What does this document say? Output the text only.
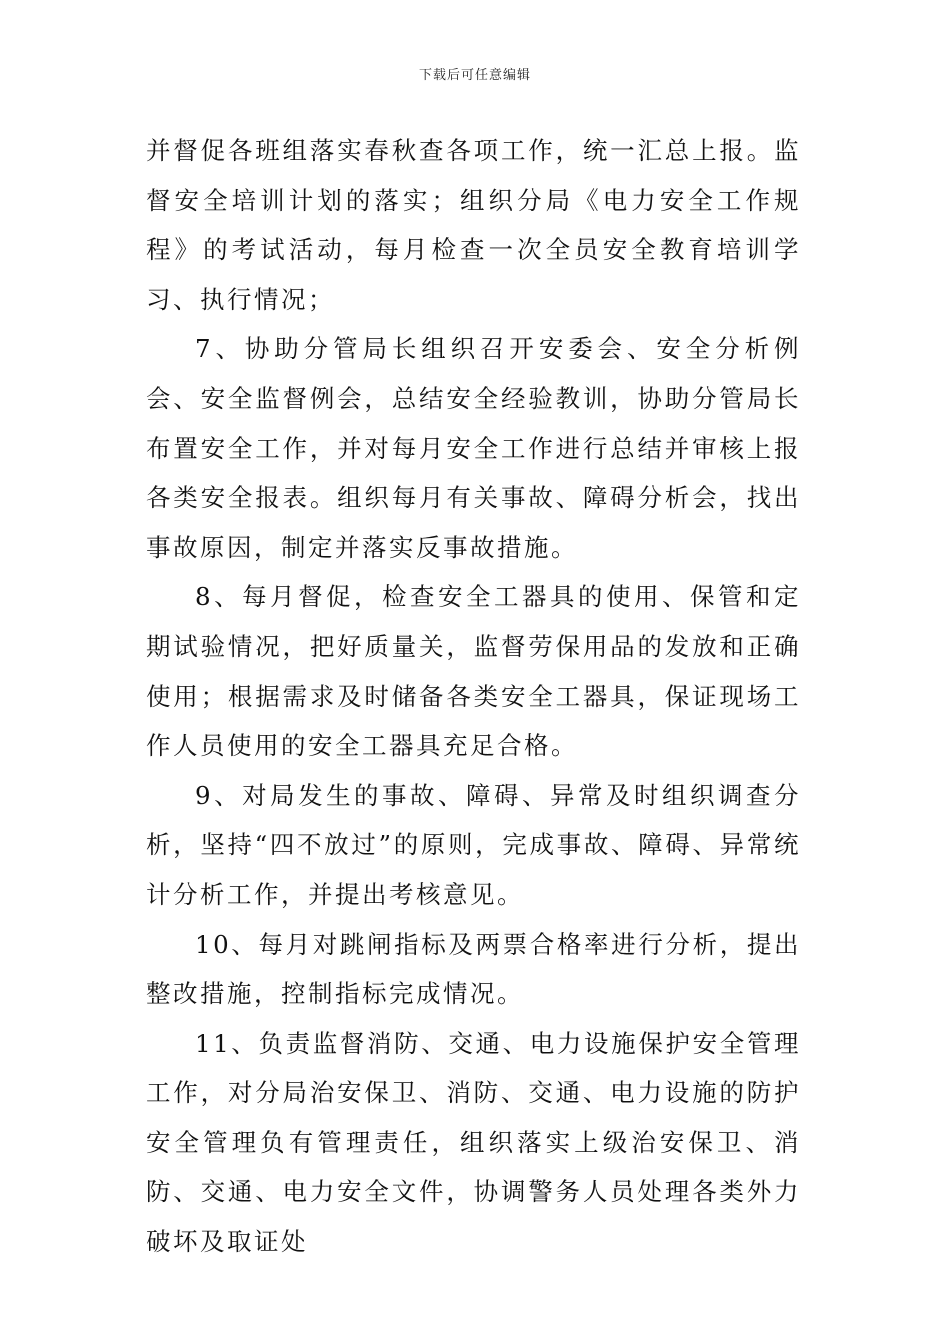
下载后可任意编辑

并督促各班组落实春秋查各项工作，统一汇总上报。监督安全培训计划的落实；组织分局《电力安全工作规程》的考试活动，每月检查一次全员安全教育培训学习、执行情况；

7、协助分管局长组织召开安委会、安全分析例会、安全监督例会，总结安全经验教训，协助分管局长布置安全工作，并对每月安全工作进行总结并审核上报各类安全报表。组织每月有关事故、障碍分析会，找出事故原因，制定并落实反事故措施。

8、每月督促，检查安全工器具的使用、保管和定期试验情况，把好质量关，监督劳保用品的发放和正确使用；根据需求及时储备各类安全工器具，保证现场工作人员使用的安全工器具充足合格。

9、对局发生的事故、障碍、异常及时组织调查分析，坚持“四不放过”的原则，完成事故、障碍、异常统计分析工作，并提出考核意见。

10、每月对跳闸指标及两票合格率进行分析，提出整改措施，控制指标完成情况。

11、负责监督消防、交通、电力设施保护安全管理工作，对分局治安保卫、消防、交通、电力设施的防护安全管理负有管理责任，组织落实上级治安保卫、消防、交通、电力安全文件，协调警务人员处理各类外力破坏及取证处
